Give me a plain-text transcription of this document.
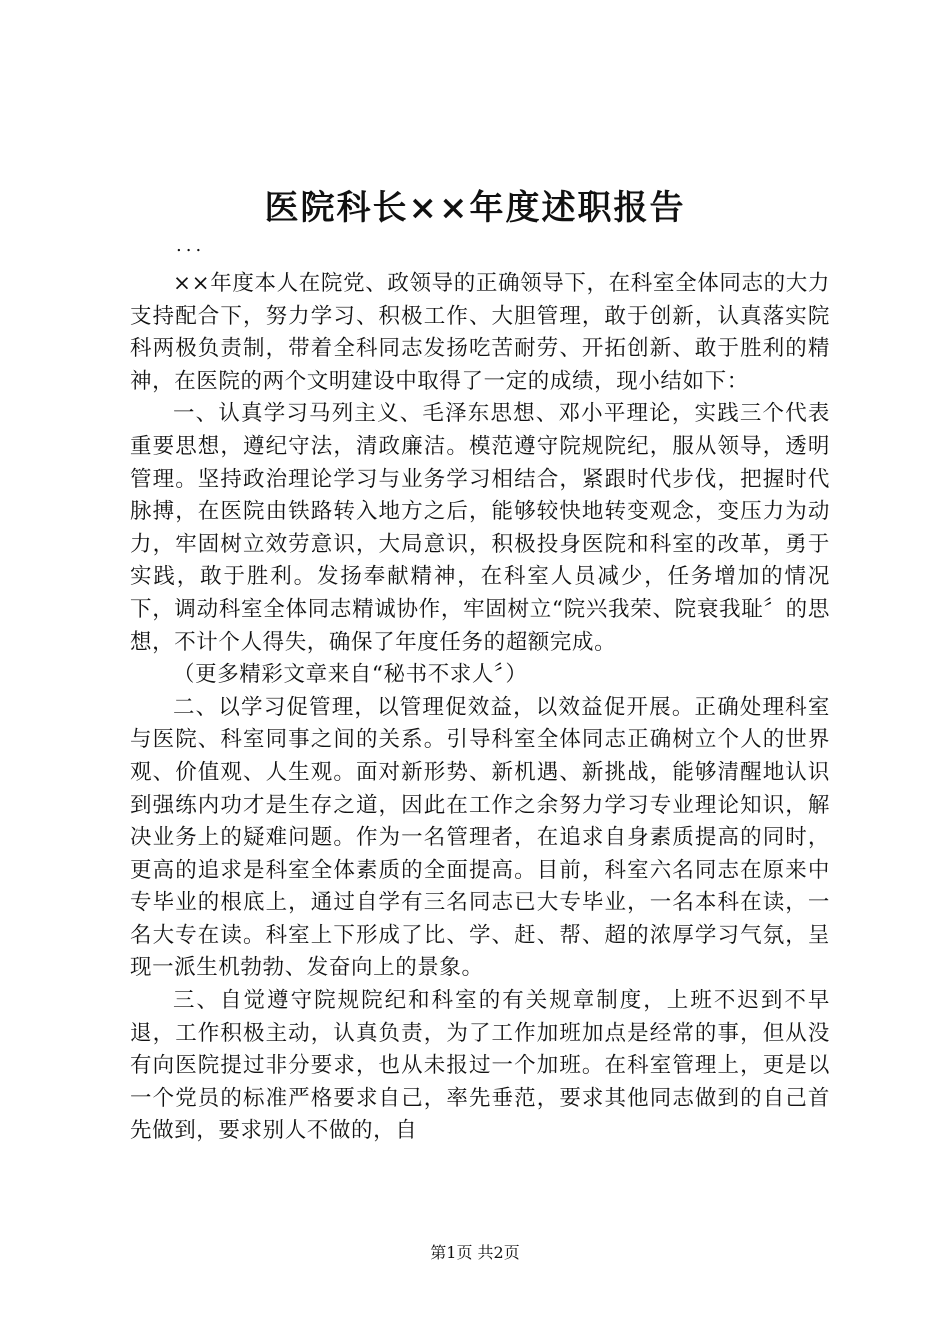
医院科长××年度述职报告
...

××年度本人在院党、政领导的正确领导下，在科室全体同志的大力支持配合下，努力学习、积极工作、大胆管理，敢于创新，认真落实院科两极负责制，带着全科同志发扬吃苦耐劳、开拓创新、敢于胜利的精神，在医院的两个文明建设中取得了一定的成绩，现小结如下：

一、认真学习马列主义、毛泽东思想、邓小平理论，实践三个代表重要思想，遵纪守法，清政廉洁。模范遵守院规院纪，服从领导，透明管理。坚持政治理论学习与业务学习相结合，紧跟时代步伐，把握时代脉搏，在医院由铁路转入地方之后，能够较快地转变观念，变压力为动力，牢固树立效劳意识，大局意识，积极投身医院和科室的改革，勇于实践，敢于胜利。发扬奉献精神，在科室人员减少，任务增加的情况下，调动科室全体同志精诚协作，牢固树立“院兴我荣、院衰我耻〞的思想，不计个人得失，确保了年度任务的超额完成。

（更多精彩文章来自“秘书不求人〞）

二、以学习促管理，以管理促效益，以效益促开展。正确处理科室与医院、科室同事之间的关系。引导科室全体同志正确树立个人的世界观、价值观、人生观。面对新形势、新机遇、新挑战，能够清醒地认识到强练内功才是生存之道，因此在工作之余努力学习专业理论知识，解决业务上的疑难问题。作为一名管理者，在追求自身素质提高的同时，更高的追求是科室全体素质的全面提高。目前，科室六名同志在原来中专毕业的根底上，通过自学有三名同志已大专毕业，一名本科在读，一名大专在读。科室上下形成了比、学、赶、帮、超的浓厚学习气氛，呈现一派生机勃勃、发奋向上的景象。

三、自觉遵守院规院纪和科室的有关规章制度，上班不迟到不早退，工作积极主动，认真负责，为了工作加班加点是经常的事，但从没有向医院提过非分要求，也从未报过一个加班。在科室管理上，更是以一个党员的标准严格要求自己，率先垂范，要求其他同志做到的自己首先做到，要求别人不做的，自

第1页 共2页
